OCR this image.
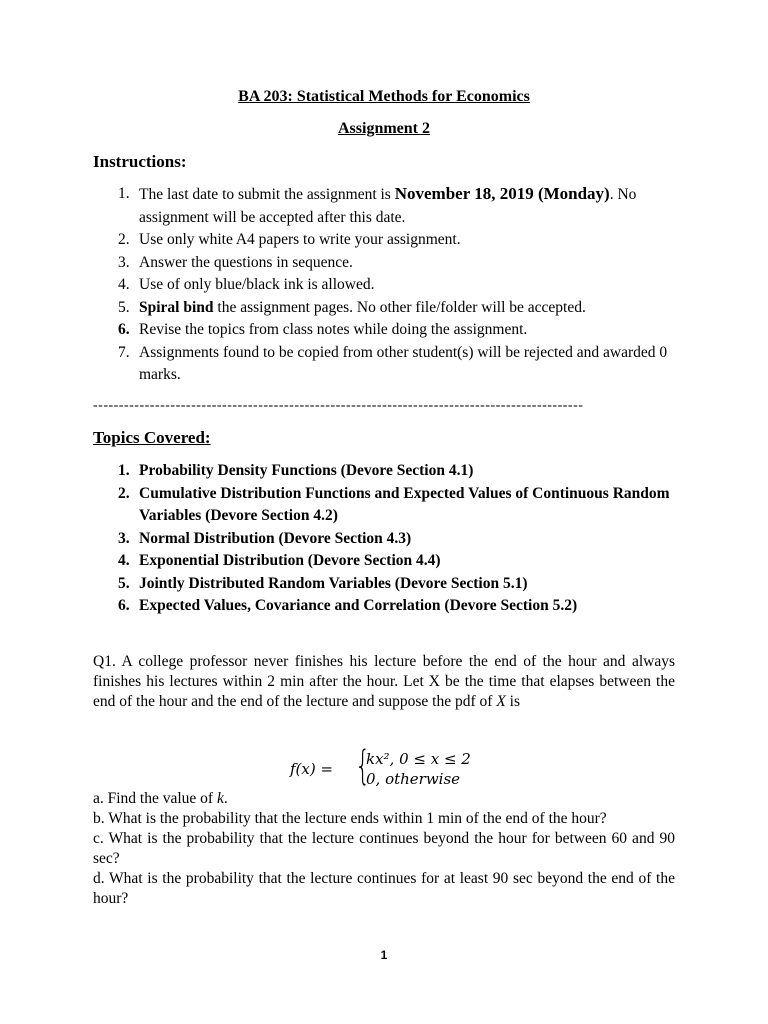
BA 203: Statistical Methods for Economics
Assignment 2
Instructions:
1. The last date to submit the assignment is November 18, 2019 (Monday). No assignment will be accepted after this date.
2. Use only white A4 papers to write your assignment.
3. Answer the questions in sequence.
4. Use of only blue/black ink is allowed.
5. Spiral bind the assignment pages. No other file/folder will be accepted.
6. Revise the topics from class notes while doing the assignment.
7. Assignments found to be copied from other student(s) will be rejected and awarded 0 marks.
-----------------------------------------------------------------------------------------------
Topics Covered:
1. Probability Density Functions (Devore Section 4.1)
2. Cumulative Distribution Functions and Expected Values of Continuous Random Variables (Devore Section 4.2)
3. Normal Distribution (Devore Section 4.3)
4. Exponential Distribution (Devore Section 4.4)
5. Jointly Distributed Random Variables (Devore Section 5.1)
6. Expected Values, Covariance and Correlation (Devore Section 5.2)
Q1. A college professor never finishes his lecture before the end of the hour and always finishes his lectures within 2 min after the hour. Let X be the time that elapses between the end of the hour and the end of the lecture and suppose the pdf of X is
f(x) = {
kx², 0 ≤ x ≤ 2
0, otherwise
a. Find the value of k.
b. What is the probability that the lecture ends within 1 min of the end of the hour?
c. What is the probability that the lecture continues beyond the hour for between 60 and 90 sec?
d. What is the probability that the lecture continues for at least 90 sec beyond the end of the hour?
1
